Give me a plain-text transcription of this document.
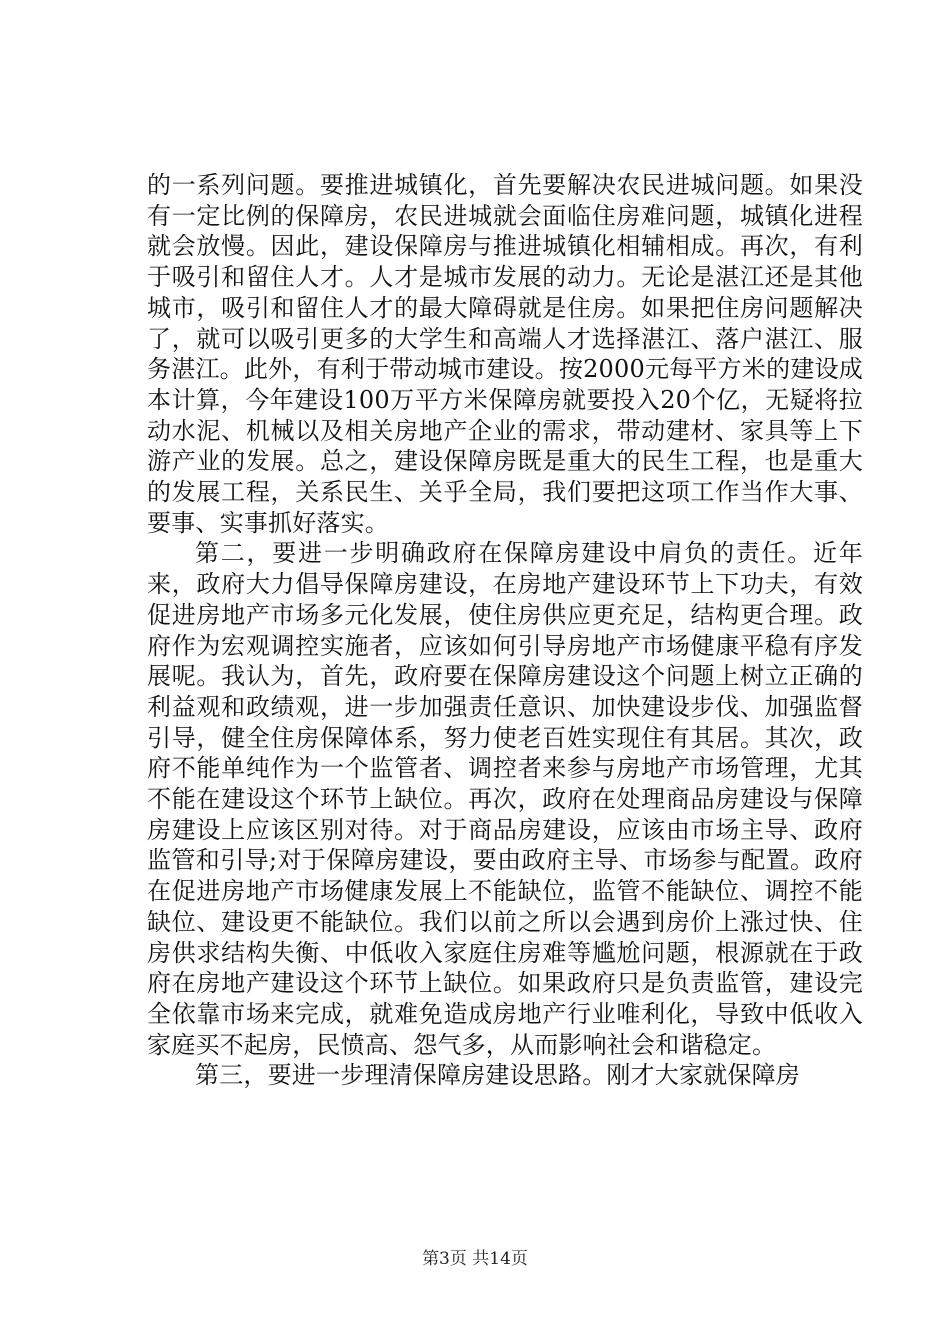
的一系列问题。要推进城镇化，首先要解决农民进城问题。如果没有一定比例的保障房，农民进城就会面临住房难问题，城镇化进程就会放慢。因此，建设保障房与推进城镇化相辅相成。再次，有利于吸引和留住人才。人才是城市发展的动力。无论是湛江还是其他城市，吸引和留住人才的最大障碍就是住房。如果把住房问题解决了，就可以吸引更多的大学生和高端人才选择湛江、落户湛江、服务湛江。此外，有利于带动城市建设。按2000元每平方米的建设成本计算，今年建设100万平方米保障房就要投入20个亿，无疑将拉动水泥、机械以及相关房地产企业的需求，带动建材、家具等上下游产业的发展。总之，建设保障房既是重大的民生工程，也是重大的发展工程，关系民生、关乎全局，我们要把这项工作当作大事、要事、实事抓好落实。

第二，要进一步明确政府在保障房建设中肩负的责任。近年来，政府大力倡导保障房建设，在房地产建设环节上下功夫，有效促进房地产市场多元化发展，使住房供应更充足，结构更合理。政府作为宏观调控实施者，应该如何引导房地产市场健康平稳有序发展呢。我认为，首先，政府要在保障房建设这个问题上树立正确的利益观和政绩观，进一步加强责任意识、加快建设步伐、加强监督引导，健全住房保障体系，努力使老百姓实现住有其居。其次，政府不能单纯作为一个监管者、调控者来参与房地产市场管理，尤其不能在建设这个环节上缺位。再次，政府在处理商品房建设与保障房建设上应该区别对待。对于商品房建设，应该由市场主导、政府监管和引导;对于保障房建设，要由政府主导、市场参与配置。政府在促进房地产市场健康发展上不能缺位，监管不能缺位、调控不能缺位、建设更不能缺位。我们以前之所以会遇到房价上涨过快、住房供求结构失衡、中低收入家庭住房难等尴尬问题，根源就在于政府在房地产建设这个环节上缺位。如果政府只是负责监管，建设完全依靠市场来完成，就难免造成房地产行业唯利化，导致中低收入家庭买不起房，民愤高、怨气多，从而影响社会和谐稳定。

第三，要进一步理清保障房建设思路。刚才大家就保障房

第3页 共14页
